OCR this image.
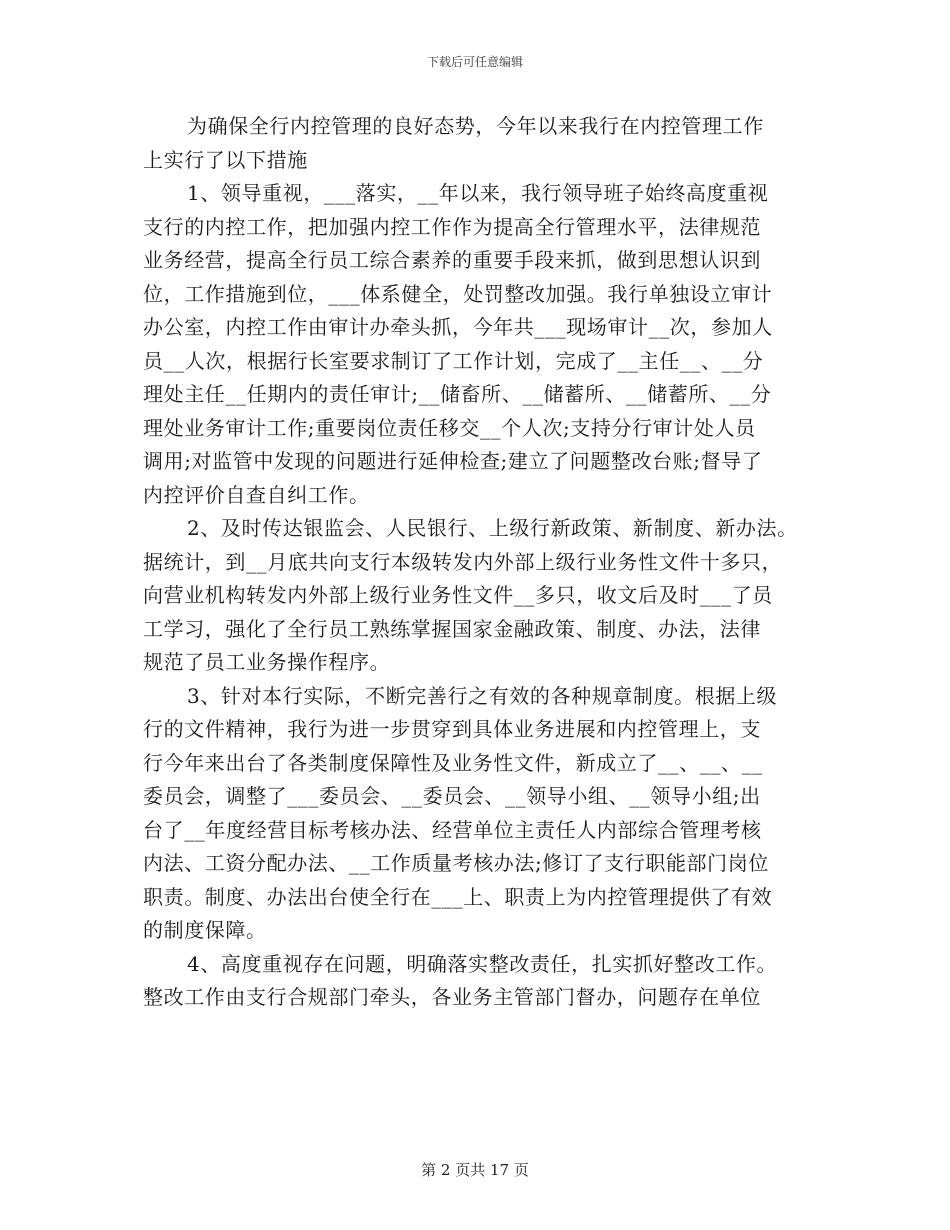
下载后可任意编辑
为确保全行内控管理的良好态势，今年以来我行在内控管理工作
上实行了以下措施
1、领导重视，___落实，__年以来，我行领导班子始终高度重视
支行的内控工作，把加强内控工作作为提高全行管理水平，法律规范
业务经营，提高全行员工综合素养的重要手段来抓，做到思想认识到
位，工作措施到位，___体系健全，处罚整改加强。我行单独设立审计
办公室，内控工作由审计办牵头抓，今年共___现场审计__次，参加人
员__人次，根据行长室要求制订了工作计划，完成了__主任__、__分
理处主任__任期内的责任审计;__储畜所、__储蓄所、__储蓄所、__分
理处业务审计工作;重要岗位责任移交__个人次;支持分行审计处人员
调用;对监管中发现的问题进行延伸检查;建立了问题整改台账;督导了
内控评价自查自纠工作。
2、及时传达银监会、人民银行、上级行新政策、新制度、新办法。
据统计，到__月底共向支行本级转发内外部上级行业务性文件十多只，
向营业机构转发内外部上级行业务性文件__多只，收文后及时___了员
工学习，强化了全行员工熟练掌握国家金融政策、制度、办法，法律
规范了员工业务操作程序。
3、针对本行实际，不断完善行之有效的各种规章制度。根据上级
行的文件精神，我行为进一步贯穿到具体业务进展和内控管理上，支
行今年来出台了各类制度保障性及业务性文件，新成立了__、__、__
委员会，调整了___委员会、__委员会、__领导小组、__领导小组;出
台了__年度经营目标考核办法、经营单位主责任人内部综合管理考核
内法、工资分配办法、__工作质量考核办法;修订了支行职能部门岗位
职责。制度、办法出台使全行在___上、职责上为内控管理提供了有效
的制度保障。
4、高度重视存在问题，明确落实整改责任，扎实抓好整改工作。
整改工作由支行合规部门牵头，各业务主管部门督办，问题存在单位
第 2 页共 17 页
